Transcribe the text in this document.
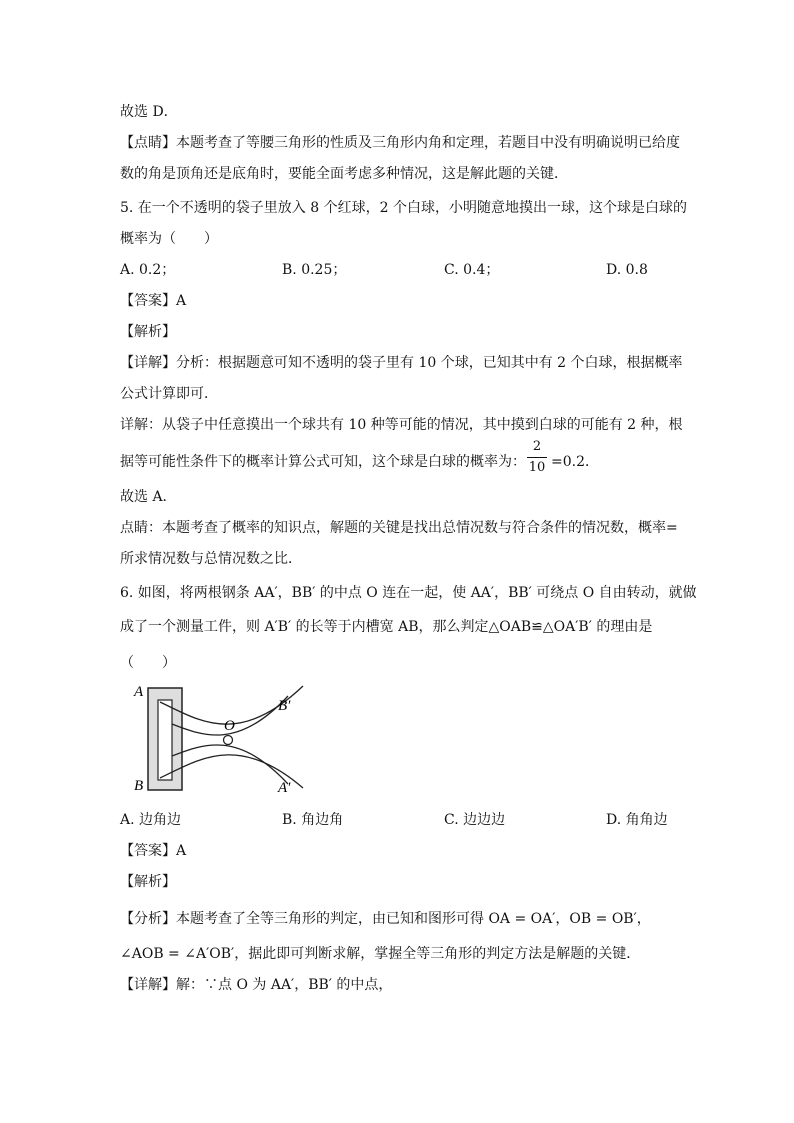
故选 D．
【点睛】本题考查了等腰三角形的性质及三角形内角和定理，若题目中没有明确说明已给度
数的角是顶角还是底角时，要能全面考虑多种情况，这是解此题的关键．
5. 在一个不透明的袋子里放入 8 个红球，2 个白球，小明随意地摸出一球，这个球是白球的
概率为（　　）
A. 0.2；	B. 0.25；	C. 0.4；	D. 0.8
【答案】A
【解析】
【详解】分析：根据题意可知不透明的袋子里有 10 个球，已知其中有 2 个白球，根据概率
公式计算即可．
详解：从袋子中任意摸出一个球共有 10 种等可能的情况，其中摸到白球的可能有 2 种，根
据等可能性条件下的概率计算公式可知，这个球是白球的概率为：
2
10 =0.2．
故选 A．
点睛：本题考查了概率的知识点，解题的关键是找出总情况数与符合条件的情况数，概率=
所求情况数与总情况数之比．
6. 如图，将两根钢条 AA′，BB′ 的中点 O 连在一起，使 AA′，BB′ 可绕点 O 自由转动，就做
成了一个测量工件，则 A′B′ 的长等于内槽宽 AB，那么判定△OAB≌△OA′B′ 的理由是
（　　）
A
B
O
B′
A′
A. 边角边	B. 角边角	C. 边边边	D. 角角边
【答案】A
【解析】
【分析】本题考查了全等三角形的判定，由已知和图形可得 OA = OA′，OB = OB′，
∠AOB = ∠A′OB′，据此即可判断求解，掌握全等三角形的判定方法是解题的关键．
【详解】解：∵点 O 为 AA′，BB′ 的中点，
